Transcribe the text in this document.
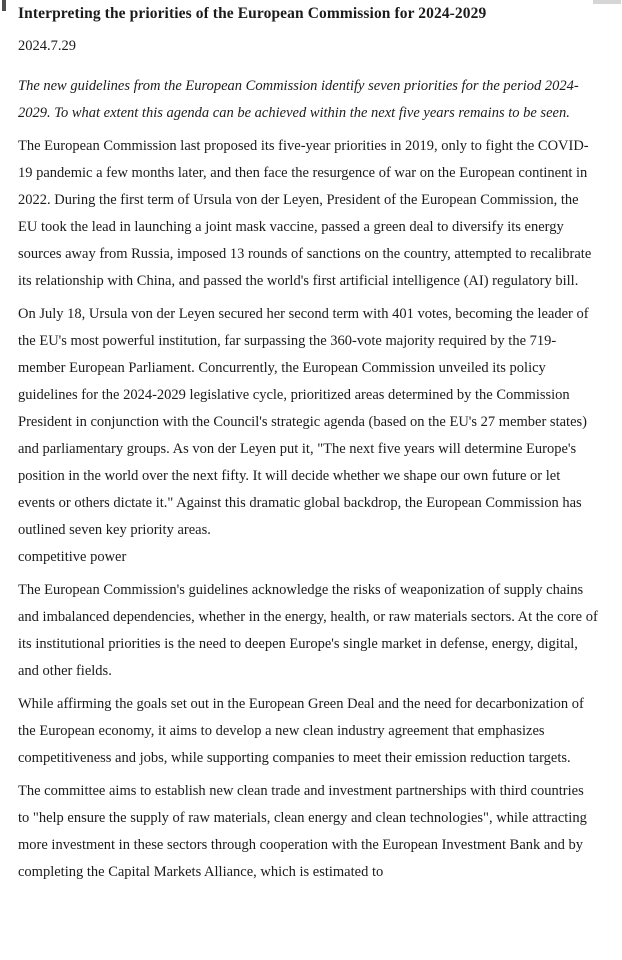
Interpreting the priorities of the European Commission for 2024-2029
2024.7.29

The new guidelines from the European Commission identify seven priorities for the period 2024-2029. To what extent this agenda can be achieved within the next five years remains to be seen.

The European Commission last proposed its five-year priorities in 2019, only to fight the COVID-19 pandemic a few months later, and then face the resurgence of war on the European continent in 2022. During the first term of Ursula von der Leyen, President of the European Commission, the EU took the lead in launching a joint mask vaccine, passed a green deal to diversify its energy sources away from Russia, imposed 13 rounds of sanctions on the country, attempted to recalibrate its relationship with China, and passed the world's first artificial intelligence (AI) regulatory bill.

On July 18, Ursula von der Leyen secured her second term with 401 votes, becoming the leader of the EU's most powerful institution, far surpassing the 360-vote majority required by the 719-member European Parliament. Concurrently, the European Commission unveiled its policy guidelines for the 2024-2029 legislative cycle, prioritized areas determined by the Commission President in conjunction with the Council's strategic agenda (based on the EU's 27 member states) and parliamentary groups. As von der Leyen put it, "The next five years will determine Europe's position in the world over the next fifty. It will decide whether we shape our own future or let events or others dictate it." Against this dramatic global backdrop, the European Commission has outlined seven key priority areas.

competitive power

The European Commission's guidelines acknowledge the risks of weaponization of supply chains and imbalanced dependencies, whether in the energy, health, or raw materials sectors. At the core of its institutional priorities is the need to deepen Europe's single market in defense, energy, digital, and other fields.

While affirming the goals set out in the European Green Deal and the need for decarbonization of the European economy, it aims to develop a new clean industry agreement that emphasizes competitiveness and jobs, while supporting companies to meet their emission reduction targets.

The committee aims to establish new clean trade and investment partnerships with third countries to "help ensure the supply of raw materials, clean energy and clean technologies", while attracting more investment in these sectors through cooperation with the European Investment Bank and by completing the Capital Markets Alliance, which is estimated to
